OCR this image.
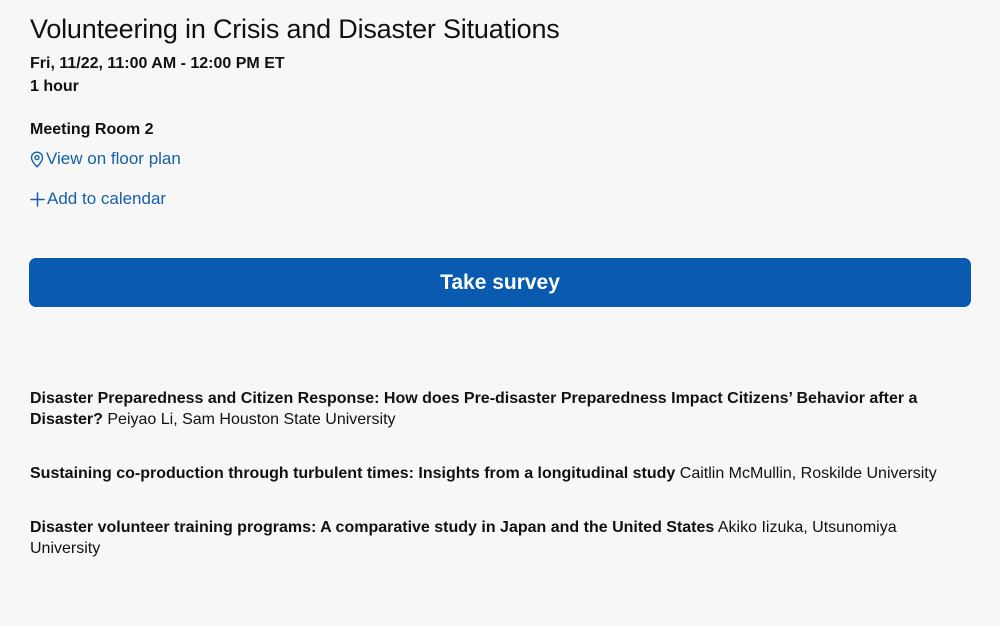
Volunteering in Crisis and Disaster Situations
Fri, 11/22, 11:00 AM - 12:00 PM ET
1 hour
Meeting Room 2
View on floor plan
Add to calendar
Take survey
Disaster Preparedness and Citizen Response: How does Pre-disaster Preparedness Impact Citizens’ Behavior after a Disaster? Peiyao Li, Sam Houston State University
Sustaining co-production through turbulent times: Insights from a longitudinal study Caitlin McMullin, Roskilde University
Disaster volunteer training programs: A comparative study in Japan and the United States Akiko Iizuka, Utsunomiya University
